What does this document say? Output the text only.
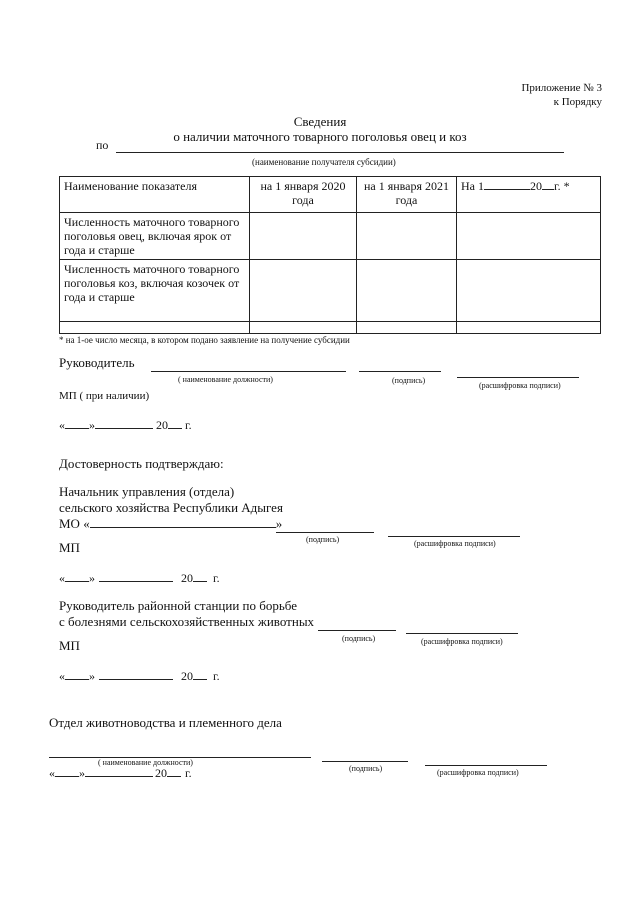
Приложение № 3
к Порядку
Сведения
о наличии маточного товарного поголовья овец и коз
по
(наименование получателя субсидии)
Наименование показателя	на 1 января 2020 года	на 1 января 2021 года	На 1 20 г. *
Численность маточного товарного поголовья овец, включая ярок от года и старше			
Численность маточного товарного поголовья коз, включая козочек от года и старше			

* на 1-ое число месяца, в котором подано заявление на получение субсидии
Руководитель
( наименование должности)	(подпись)
(расшифровка подписи)
МП ( при наличии)
« »	20 г.
Достоверность подтверждаю:
Начальник управления (отдела)
сельского хозяйства Республики Адыгея
МО «	»
(подпись)	(расшифровка подписи)
МП
« »	20 г.
Руководитель районной станции по борьбе
с болезнями сельскохозяйственных животных
(подпись)	(расшифровка подписи)
МП
« »	20 г.
Отдел животноводства и племенного дела
( наименование должности)
(подпись)	(расшифровка подписи)
« »	20 г.
